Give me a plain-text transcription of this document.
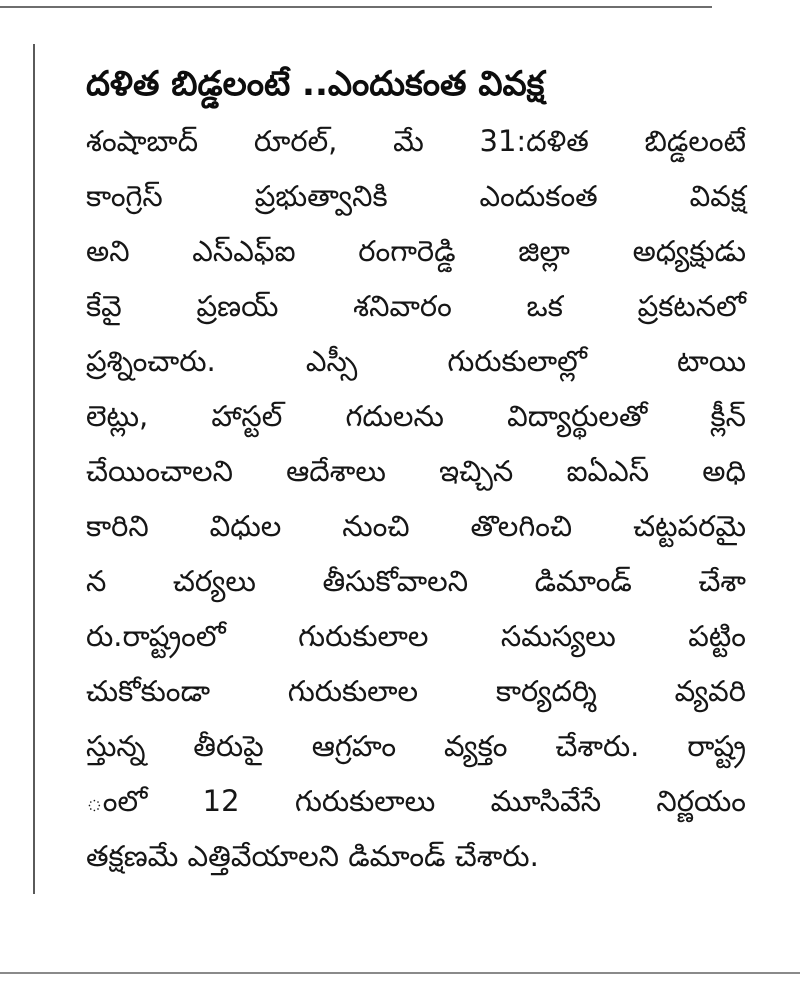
దళిత బిడ్డలంటే ..ఎందుకంత వివక్ష
శంషాబాద్ రూరల్, మే 31:దళిత బిడ్డలంటే
కాంగ్రెస్ ప్రభుత్వానికి ఎందుకంత వివక్ష
అని ఎస్ఎఫ్ఐ రంగారెడ్డి జిల్లా అధ్యక్షుడు
కేవై ప్రణయ్ శనివారం ఒక ప్రకటనలో
ప్రశ్నించారు. ఎస్సీ గురుకులాల్లో టాయి
లెట్లు, హాస్టల్ గదులను విద్యార్థులతో క్లీన్
చేయించాలని ఆదేశాలు ఇచ్చిన ఐఏఎస్ అధి
కారిని విధుల నుంచి తొలగించి చట్టపరమై
న చర్యలు తీసుకోవాలని డిమాండ్ చేశా
రు.రాష్ట్రంలో గురుకులాల సమస్యలు పట్టిం
చుకోకుండా గురుకులాల కార్యదర్శి వ్యవరి
స్తున్న తీరుపై ఆగ్రహం వ్యక్తం చేశారు. రాష్ట్ర
ంలో 12 గురుకులాలు మూసివేసే నిర్ణయం
తక్షణమే ఎత్తివేయాలని డిమాండ్ చేశారు.
